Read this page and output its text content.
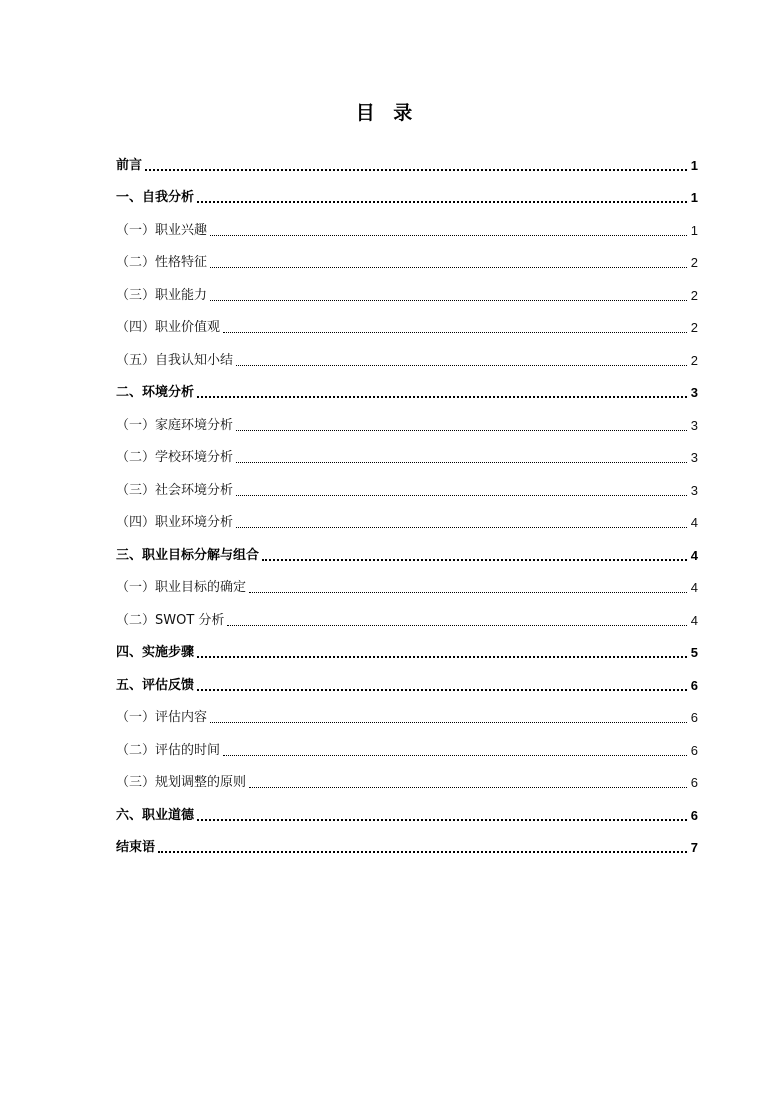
目 录
前言	1
一、自我分析	1
（一）职业兴趣	1
（二）性格特征	2
（三）职业能力	2
（四）职业价值观	2
（五）自我认知小结	2
二、环境分析	3
（一）家庭环境分析	3
（二）学校环境分析	3
（三）社会环境分析	3
（四）职业环境分析	4
三、职业目标分解与组合	4
（一）职业目标的确定	4
（二）SWOT 分析	4
四、实施步骤	5
五、评估反馈	6
（一）评估内容	6
（二）评估的时间	6
（三）规划调整的原则	6
六、职业道德	6
结束语	7
